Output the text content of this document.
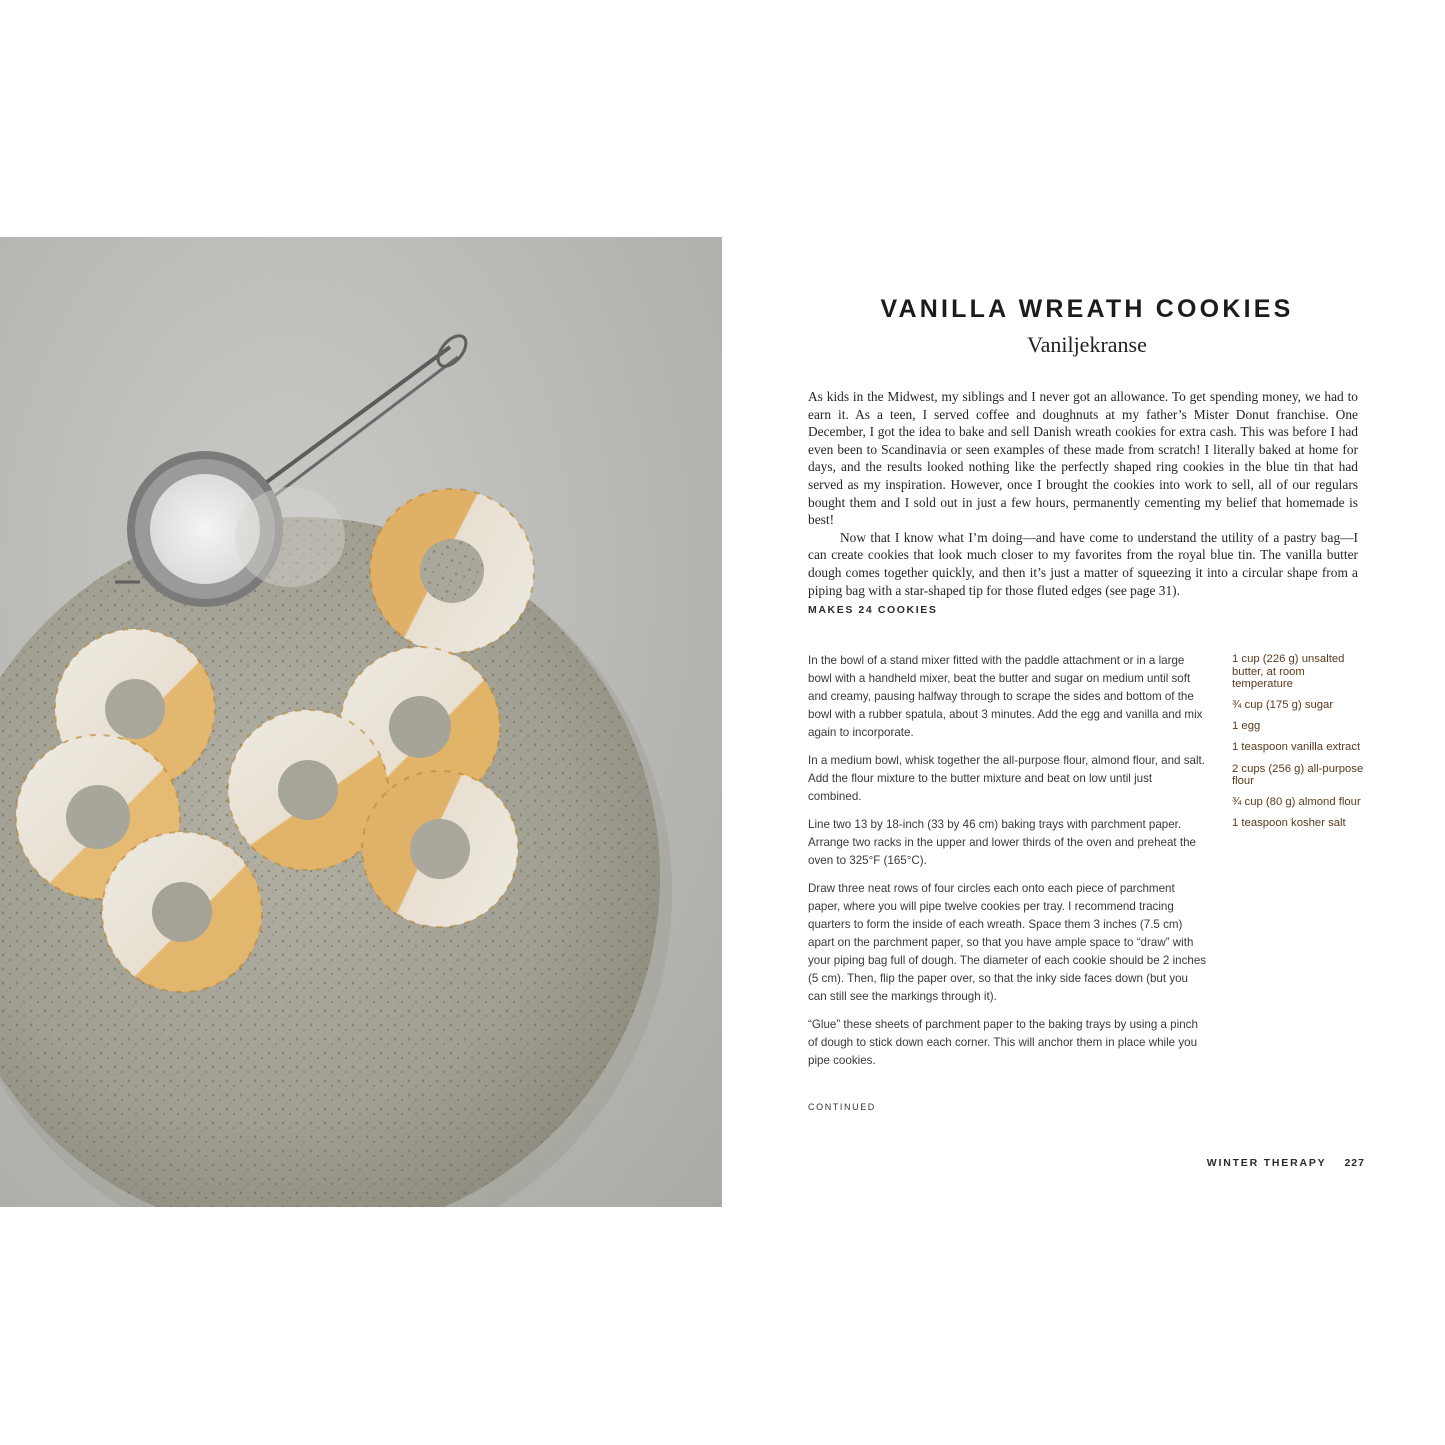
VANILLA WREATH COOKIES
Vaniljekranse

As kids in the Midwest, my siblings and I never got an allowance. To get spending money, we had to earn it. As a teen, I served coffee and doughnuts at my father’s Mister Donut franchise. One December, I got the idea to bake and sell Danish wreath cookies for extra cash. This was before I had even been to Scandinavia or seen examples of these made from scratch! I literally baked at home for days, and the results looked nothing like the perfectly shaped ring cookies in the blue tin that had served as my inspiration. However, once I brought the cookies into work to sell, all of our regulars bought them and I sold out in just a few hours, permanently cementing my belief that homemade is best!

Now that I know what I’m doing—and have come to understand the utility of a pastry bag—I can create cookies that look much closer to my favorites from the royal blue tin. The vanilla butter dough comes together quickly, and then it’s just a matter of squeezing it into a circular shape from a piping bag with a star-shaped tip for those fluted edges (see page 31).

MAKES 24 COOKIES

In the bowl of a stand mixer fitted with the paddle attachment or in a large bowl with a handheld mixer, beat the butter and sugar on medium until soft and creamy, pausing halfway through to scrape the sides and bottom of the bowl with a rubber spatula, about 3 minutes. Add the egg and vanilla and mix again to incorporate.

In a medium bowl, whisk together the all-purpose flour, almond flour, and salt. Add the flour mixture to the butter mixture and beat on low until just combined.

Line two 13 by 18-inch (33 by 46 cm) baking trays with parchment paper. Arrange two racks in the upper and lower thirds of the oven and preheat the oven to 325°F (165°C).

Draw three neat rows of four circles each onto each piece of parchment paper, where you will pipe twelve cookies per tray. I recommend tracing quarters to form the inside of each wreath. Space them 3 inches (7.5 cm) apart on the parchment paper, so that you have ample space to “draw” with your piping bag full of dough. The diameter of each cookie should be 2 inches (5 cm). Then, flip the paper over, so that the inky side faces down (but you can still see the markings through it).

“Glue” these sheets of parchment paper to the baking trays by using a pinch of dough to stick down each corner. This will anchor them in place while you pipe cookies.

1 cup (226 g) unsalted butter, at room temperature
¾ cup (175 g) sugar
1 egg
1 teaspoon vanilla extract
2 cups (256 g) all-purpose flour
¾ cup (80 g) almond flour
1 teaspoon kosher salt
CONTINUED
WINTER THERAPY 227
